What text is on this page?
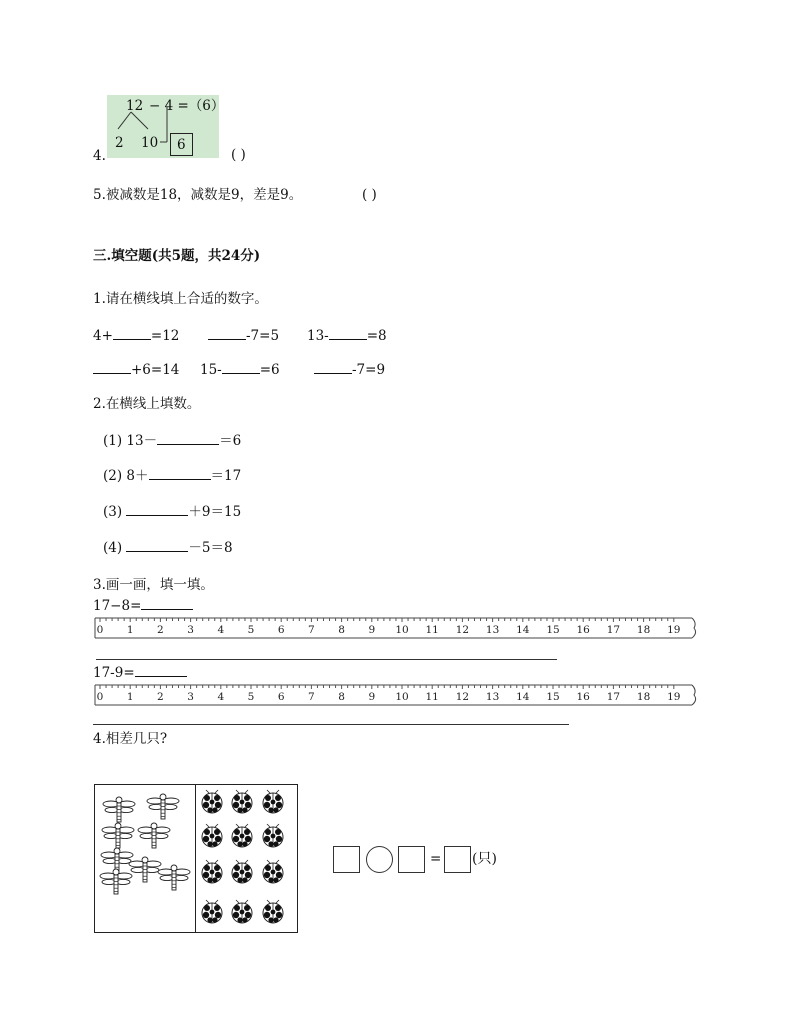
12 − 4 =（6）
2 10 6
4.	( )
5.被减数是18，减数是9，差是9。	( )
三.填空题(共5题，共24分)
1.请在横线填上合适的数字。
4+	=12	-7=5 13-	=8
+6=14 15-	=6	-7=9
2.在横线上填数。
(1) 13－	＝6
(2) 8＋	＝17
(3)	＋9＝15
(4)	－5＝8
3.画一画，填一填。
17−8=
0 1 2 3 4 5 6 7 8 9 10 11 12 13 14 15 16 17 18 19
17-9=
0 1 2 3 4 5 6 7 8 9 10 11 12 13 14 15 16 17 18 19
4.相差几只?
= (只)
